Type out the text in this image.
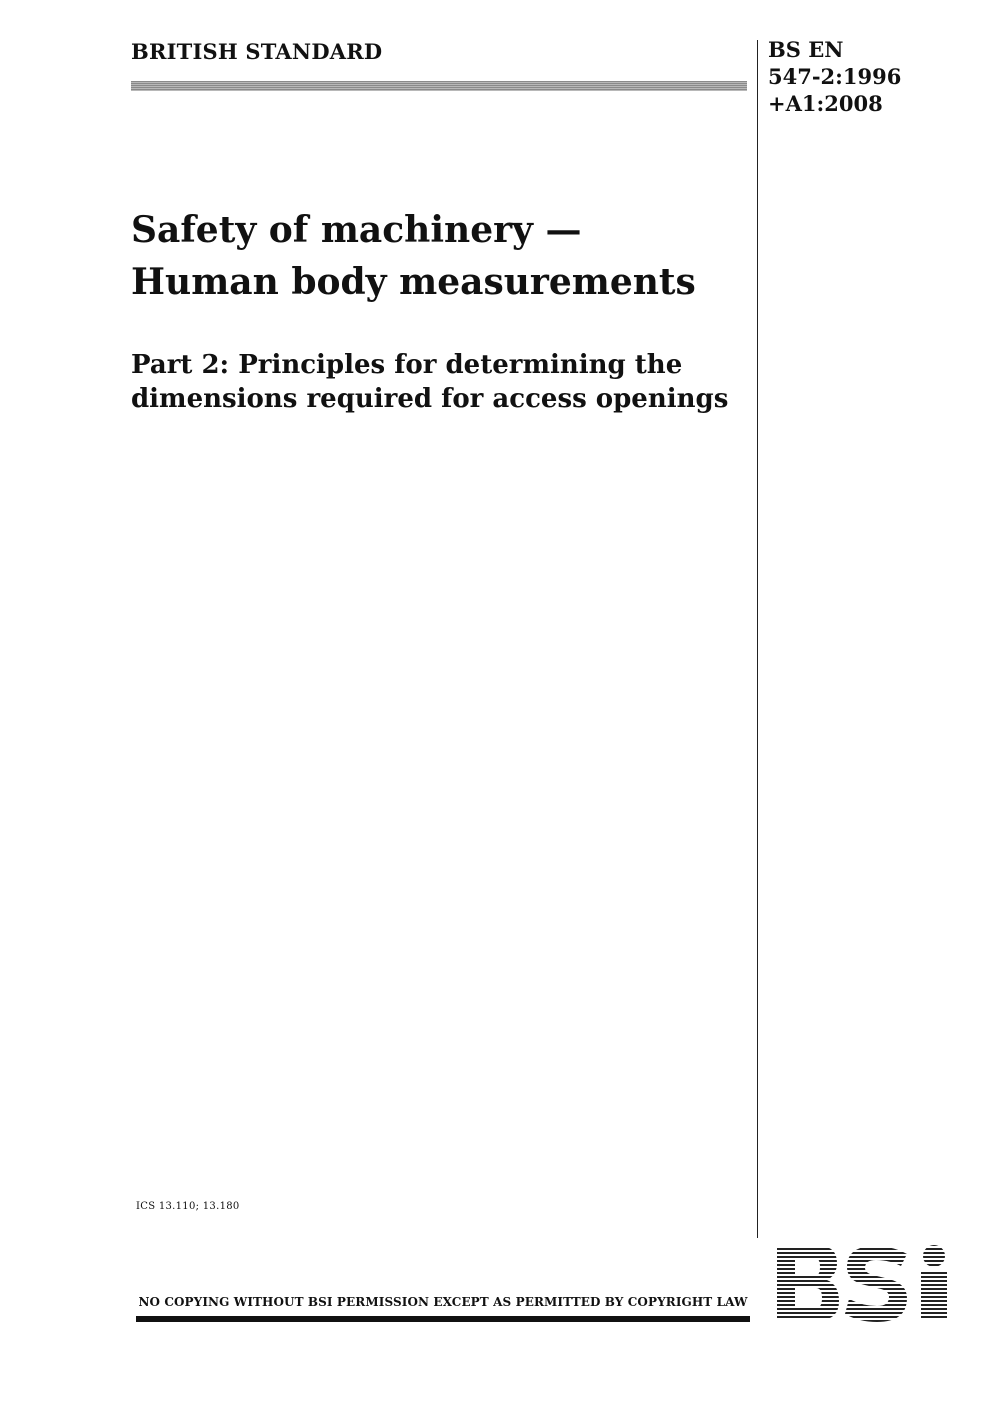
BRITISH STANDARD	BS EN
547-2:1996
+A1:2008
Safety of machinery —
Human body measurements
Part 2: Principles for determining the
dimensions required for access openings
ICS 13.110; 13.180
NO COPYING WITHOUT BSI PERMISSION EXCEPT AS PERMITTED BY COPYRIGHT LAW
